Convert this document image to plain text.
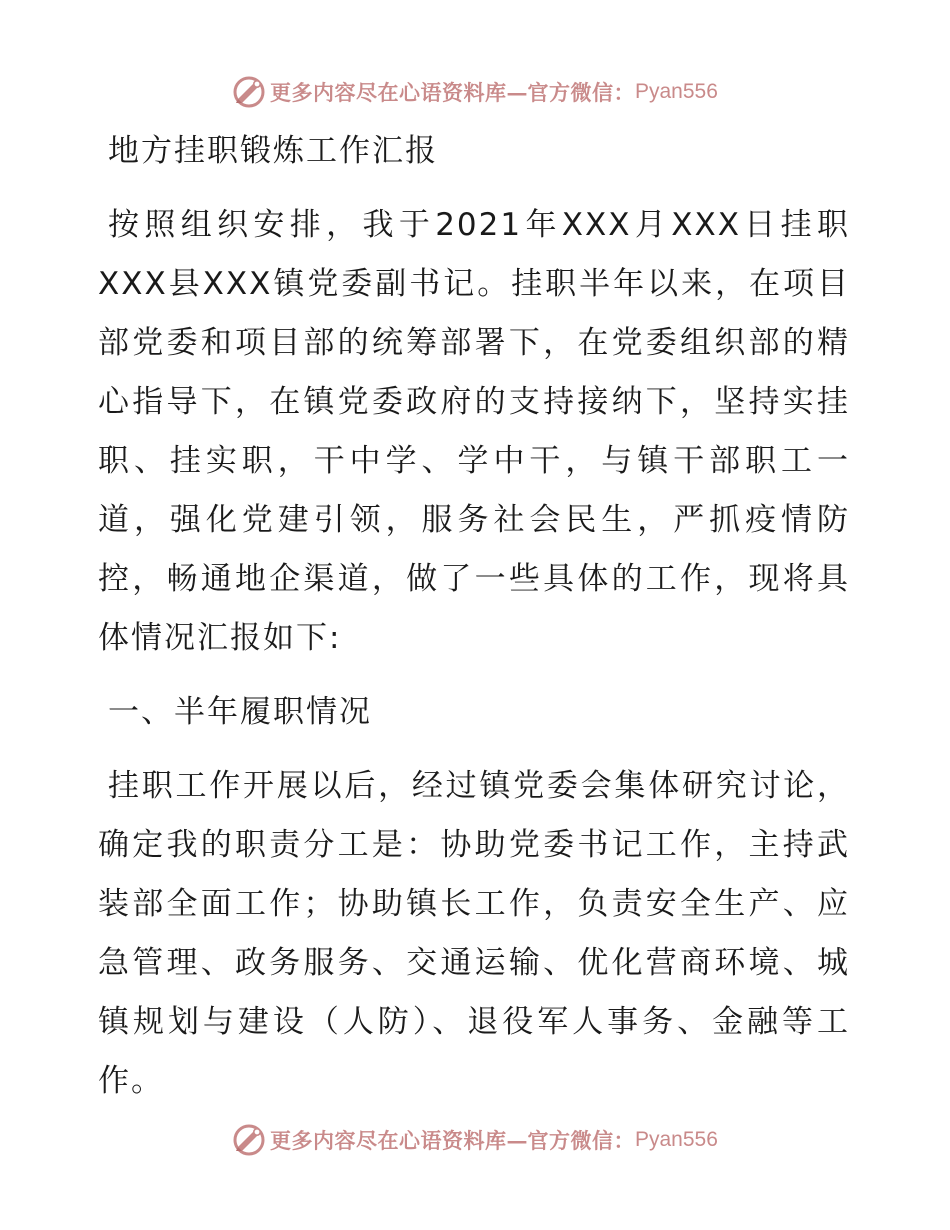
更多内容尽在心语资料库 — 官方微信： Pyan556

地方挂职锻炼工作汇报

按照组织安排，我于2021年XXX月XXX日挂职XXX县XXX镇党委副书记。挂职半年以来，在项目部党委和项目部的统筹部署下，在党委组织部的精心指导下，在镇党委政府的支持接纳下，坚持实挂职、挂实职，干中学、学中干，与镇干部职工一道，强化党建引领，服务社会民生，严抓疫情防控，畅通地企渠道，做了一些具体的工作，现将具体情况汇报如下:

一、半年履职情况

挂职工作开展以后，经过镇党委会集体研究讨论，确定我的职责分工是：协助党委书记工作，主持武装部全面工作；协助镇长工作，负责安全生产、应急管理、政务服务、交通运输、优化营商环境、城镇规划与建设（人防）、退役军人事务、金融等工作。

更多内容尽在心语资料库 — 官方微信： Pyan556
